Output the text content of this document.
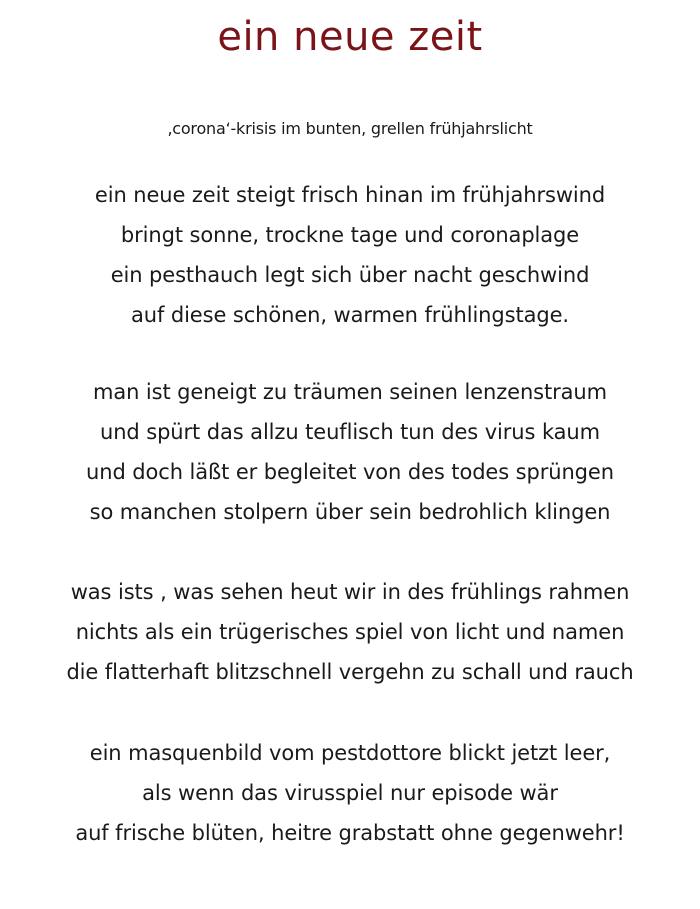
ein neue zeit
‚corona‘-krisis im bunten, grellen frühjahrslicht
ein neue zeit steigt frisch hinan im frühjahrswind
bringt sonne, trockne tage und coronaplage
ein pesthauch legt sich über nacht geschwind
auf diese schönen, warmen frühlingstage.
man ist geneigt zu träumen seinen lenzenstraum
und spürt das allzu teuflisch tun des virus kaum
und doch läßt er begleitet von des todes sprüngen
so manchen stolpern über sein bedrohlich klingen
was ists , was sehen heut wir in des frühlings rahmen
nichts als ein trügerisches spiel von licht und namen
die flatterhaft blitzschnell vergehn zu schall und rauch
ein masquenbild vom pestdottore blickt jetzt leer,
als wenn das virusspiel nur episode wär
auf frische blüten, heitre grabstatt ohne gegenwehr!
